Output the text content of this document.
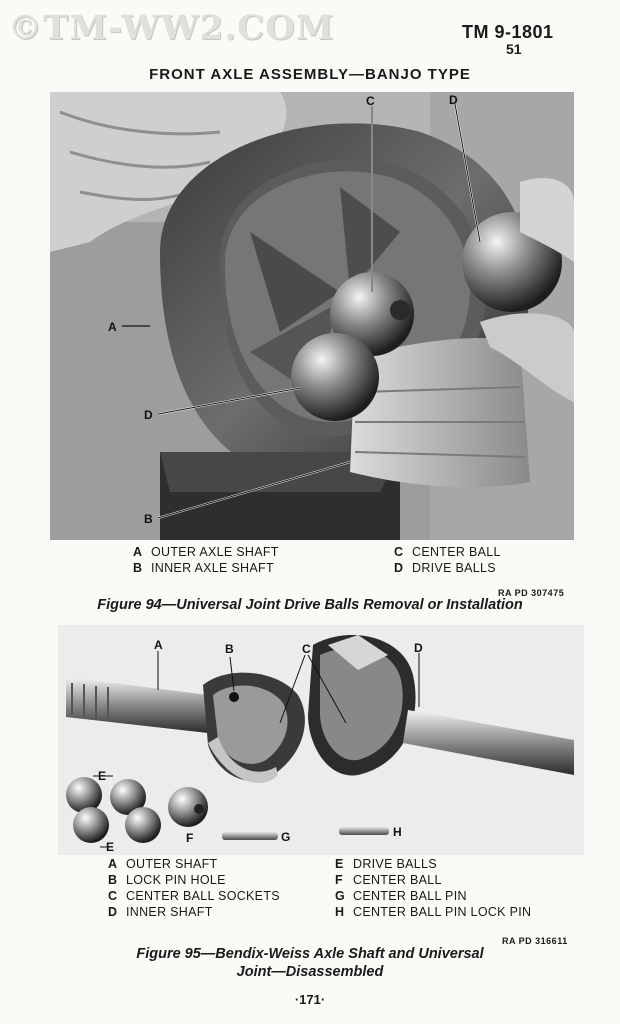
©TM-WW2.COM	TM 9-1801
51
FRONT AXLE ASSEMBLY—BANJO TYPE
C	D
A
D
B
A OUTER AXLE SHAFT
B INNER AXLE SHAFT
C CENTER BALL
D DRIVE BALLS
RA PD 307475
Figure 94—Universal Joint Drive Balls Removal or Installation
A	B	C	D
E
E
F	G	H
A OUTER SHAFT
B LOCK PIN HOLE
C CENTER BALL SOCKETS
D INNER SHAFT
E DRIVE BALLS
F CENTER BALL
G CENTER BALL PIN
H CENTER BALL PIN LOCK PIN
RA PD 316611
Figure 95—Bendix-Weiss Axle Shaft and Universal
Joint—Disassembled
·171·
